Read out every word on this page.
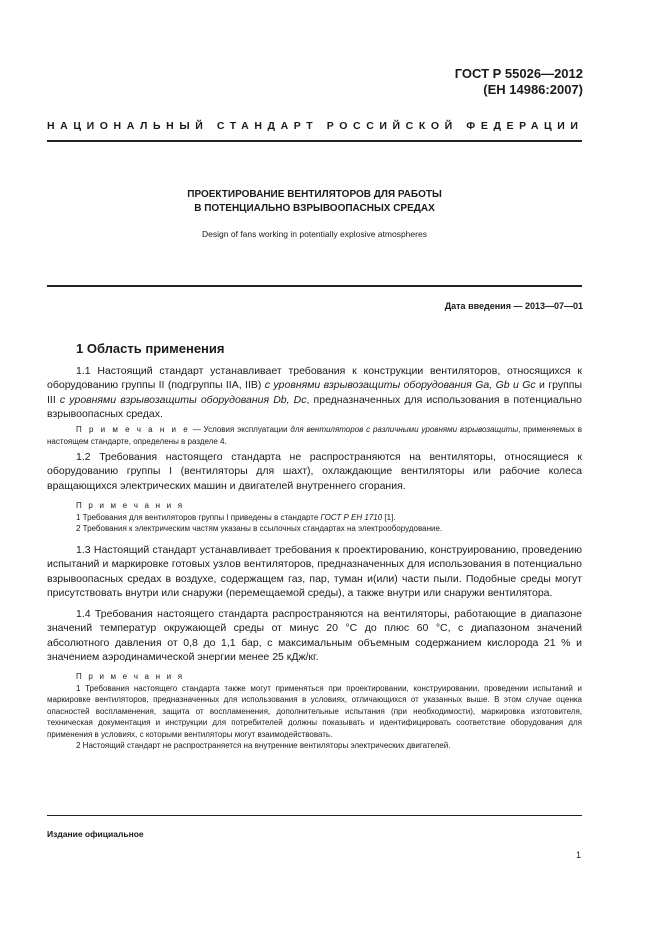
ГОСТ Р 55026—2012
(ЕН 14986:2007)
НАЦИОНАЛЬНЫЙ СТАНДАРТ РОССИЙСКОЙ ФЕДЕРАЦИИ
ПРОЕКТИРОВАНИЕ ВЕНТИЛЯТОРОВ ДЛЯ РАБОТЫ
В ПОТЕНЦИАЛЬНО ВЗРЫВООПАСНЫХ СРЕДАХ
Design of fans working in potentially explosive atmospheres
Дата введения — 2013—07—01
1 Область применения

1.1 Настоящий стандарт устанавливает требования к конструкции вентиляторов, относящихся к оборудованию группы II (подгруппы IIA, IIB) с уровнями взрывозащиты оборудования Ga, Gb и Gc и группы III с уровнями взрывозащиты оборудования Db, Dc, предназначенных для использования в потенциально взрывоопасных средах.

П р и м е ч а н и е — Условия эксплуатации для вентиляторов с различными уровнями взрывозащиты, применяемых в настоящем стандарте, определены в разделе 4.

1.2 Требования настоящего стандарта не распространяются на вентиляторы, относящиеся к оборудованию группы I (вентиляторы для шахт), охлаждающие вентиляторы или рабочие колеса вращающихся электрических машин и двигателей внутреннего сгорания.

П р и м е ч а н и я
1 Требования для вентиляторов группы I приведены в стандарте ГОСТ Р ЕН 1710 [1].
2 Требования к электрическим частям указаны в ссылочных стандартах на электрооборудование.

1.3 Настоящий стандарт устанавливает требования к проектированию, конструированию, проведению испытаний и маркировке готовых узлов вентиляторов, предназначенных для использования в потенциально взрывоопасных средах в воздухе, содержащем газ, пар, туман и(или) части пыли. Подобные среды могут присутствовать внутри или снаружи (перемещаемой среды), а также внутри или снаружи вентилятора.

1.4 Требования настоящего стандарта распространяются на вентиляторы, работающие в диапазоне значений температур окружающей среды от минус 20 °С до плюс 60 °С, с диапазоном значений абсолютного давления от 0,8 до 1,1 бар, с максимальным объемным содержанием кислорода 21 % и значением аэродинамической энергии менее 25 кДж/кг.

П р и м е ч а н и я
1 Требования настоящего стандарта также могут применяться при проектировании, конструировании, проведении испытаний и маркировке вентиляторов, предназначенных для использования в условиях, отличающихся от указанных выше. В этом случае оценка опасностей воспламенения, защита от воспламенения, дополнительные испытания (при необходимости), маркировка изготовителя, техническая документация и инструкции для потребителей должны показывать и идентифицировать соответствие оборудования для применения в условиях, с которыми вентиляторы могут взаимодействовать.
2 Настоящий стандарт не распространяется на внутренние вентиляторы электрических двигателей.
Издание официальное
1
